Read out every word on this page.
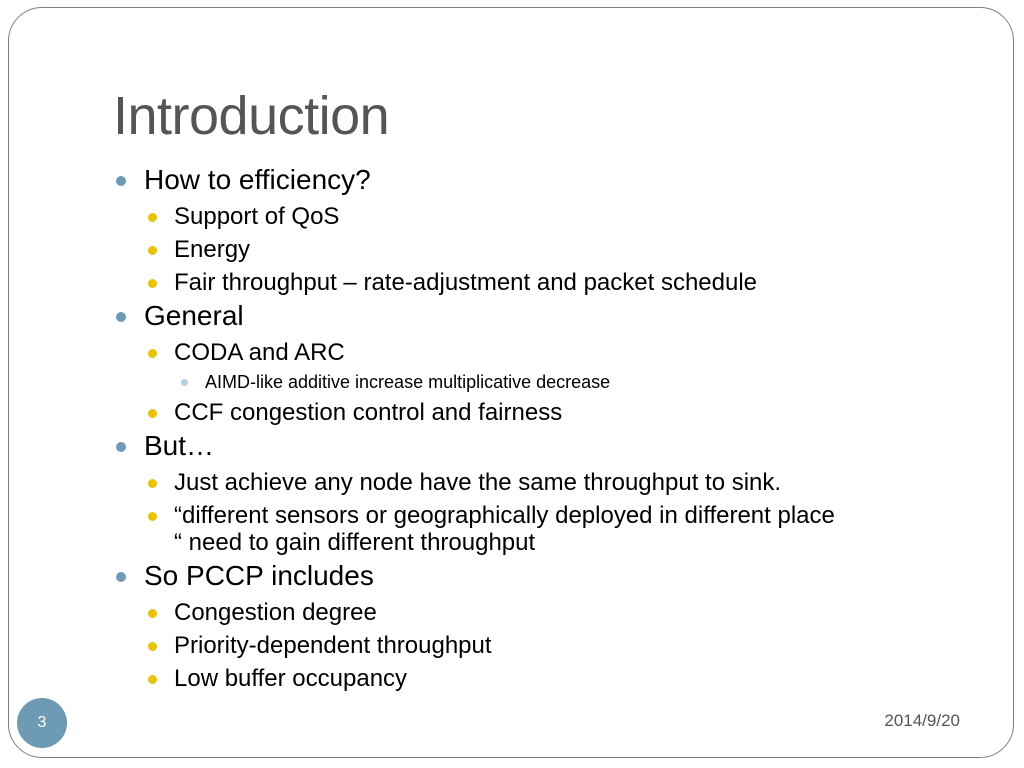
Introduction

How to efficiency?

Support of QoS

Energy

Fair throughput – rate-adjustment and packet schedule

General

CODA and ARC

AIMD-like additive increase multiplicative decrease

CCF congestion control and fairness

But…

Just achieve any node have the same throughput to sink.

“different sensors or geographically deployed in different place
“ need to gain different throughput

So PCCP includes

Congestion degree

Priority-dependent throughput

Low buffer occupancy

3	2014/9/20
